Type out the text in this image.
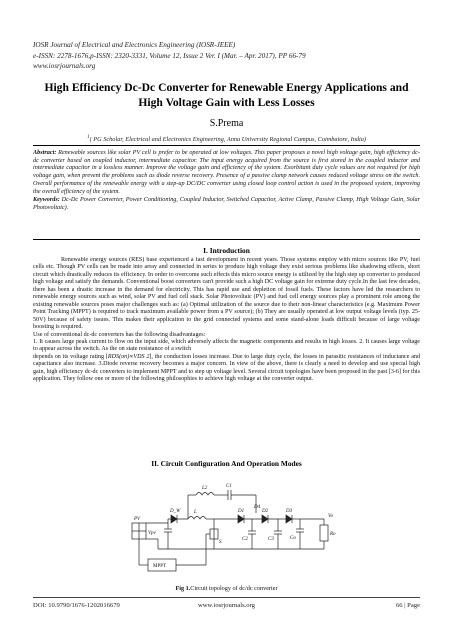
IOSR Journal of Electrical and Electronics Engineering (IOSR-JEEE)
e-ISSN: 2278-1676,p-ISSN: 2320-3331, Volume 12, Issue 2 Ver. I (Mar. – Apr. 2017), PP 66-79
www.iosrjournals.org
High Efficiency Dc-Dc Converter for Renewable Energy Applications and High Voltage Gain with Less Losses
S.Prema
$^1$( PG Scholar, Electrical and Electronics Engineering, Anna University Regional Campus, Coimbatore, India)
Abstract: Renewable sources like solar PV cell is prefer to be operated at low voltages. This paper proposes a novel high voltage gain, high efficiency dc-dc converter based on coupled inductor, intermediate capacitor. The input energy acquired from the source is first stored in the coupled inductor and intermediate capacitor in a lossless manner. Improve the voltage gain and efficiency of the system. Exorbitant duty cycle values are not required for high voltage gain, when prevent the problems such as diode reverse recovery. Presence of a passive clamp network causes reduced voltage stress on the switch. Overall performance of the renewable energy with a step-up DC/DC converter using closed loop control action is used in the proposed system, improving the overall efficiency of the system.
Keywords: Dc-Dc Power Converter, Power Conditioning, Coupled Inductor, Switched Capacitor, Active Clamp, Passive Clamp, High Voltage Gain, Solar Photovoltaic).
I. Introduction

Renewable energy sources (RES) base experienced a fast development in recent years. Those systems employ with micro sources like PV, fuel cells etc. Though PV cells can be made into array and connected in series to produce high voltage they exist serious problems like shadowing effects, short circuit which drastically reduces its efficiency. In order to overcome such effects this micro source energy is utilized by the high step up converter to produced high voltage and satisfy the demands. Conventional boost converters can't provide such a high DC voltage gain for extreme duty cycle.In the last few decades, there has been a drastic increase in the demand for electricity. This has rapid use and depletion of fossil fuels. These factors have led the researchers to renewable energy sources such as wind, solar PV and fuel cell stack. Solar Photovoltaic (PV) and fuel cell energy sources play a prominent role among the existing renewable sources poses major challenges such as: (a) Optimal utilization of the source due to their non-linear characteristics (e.g. Maximum Power Point Tracking (MPPT) is required to track maximum available power from a PV source); (b) They are usually operated at low output voltage levels (typ. 25-50V) because of safety issues. This makes their application to the grid connected systems and some stand-alone loads difficult because of large voltage boosting is required.

Use of conventional dc-dc converters has the following disadvantages:

1. It causes large peak current to flow on the input side, which adversely affects the magnetic components and results in high losses. 2. It causes large voltage to appear across the switch. As the on state resistance of a switch

depends on its voltage rating [RDS(on)∝VDS 2], the conduction losses increase. Due to large duty cycle, the losses in parasitic resistances of inductance and capacitance also increase. 3.Diode reverse recovery becomes a major concern. In view of the above, there is clearly a need to develop and use special high gain, high efficiency dc-dc converters to implement MPPT and to step up voltage level. Several circuit topologies have been proposed in the past [3-6] for this application. They follow one or more of the following philosophies to achieve high voltage at the converter output.

II. Circuit Configuration And Operation Modes
PV
D_W
Vpv
L
L2	C1
D1	D2	D3
D4
C2	C3
S
Co
Ro
Vo
MPPT
Fig 1.Circuit topology of dc/dc converter
DOI: 10.9790/1676-1202016679	www.iosrjournals.org	66 | Page
